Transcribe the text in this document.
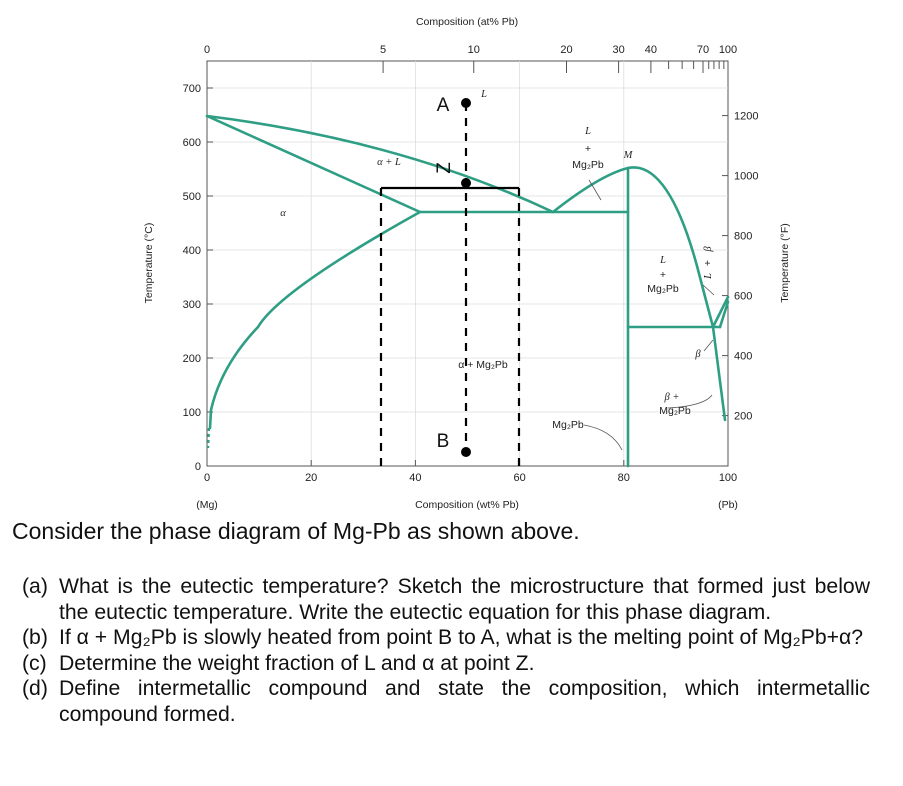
0	20	40	60	80	100
0
100
200
300
400
500
600
700
200
400
600
800
1000
1200
0	5	10	20	30 40	70 100
Composition (at% Pb)
Composition (wt% Pb)
(Mg)	(Pb)
Temperature (°C)	Temperature (°F)
A
Z
B
α
α + L
L
L
+
Mg₂Pb
M
L
+
Mg₂Pb
β
+
L
α + Mg₂Pb
Mg₂Pb
β
β +
Mg₂Pb

Consider the phase diagram of Mg-Pb as shown above.

(a) What is the eutectic temperature? Sketch the microstructure that formed just below the eutectic temperature. Write the eutectic equation for this phase diagram.
(b) If α + Mg₂Pb is slowly heated from point B to A, what is the melting point of Mg₂Pb+α?
(c) Determine the weight fraction of L and α at point Z.
(d) Define intermetallic compound and state the composition, which intermetallic compound formed.
